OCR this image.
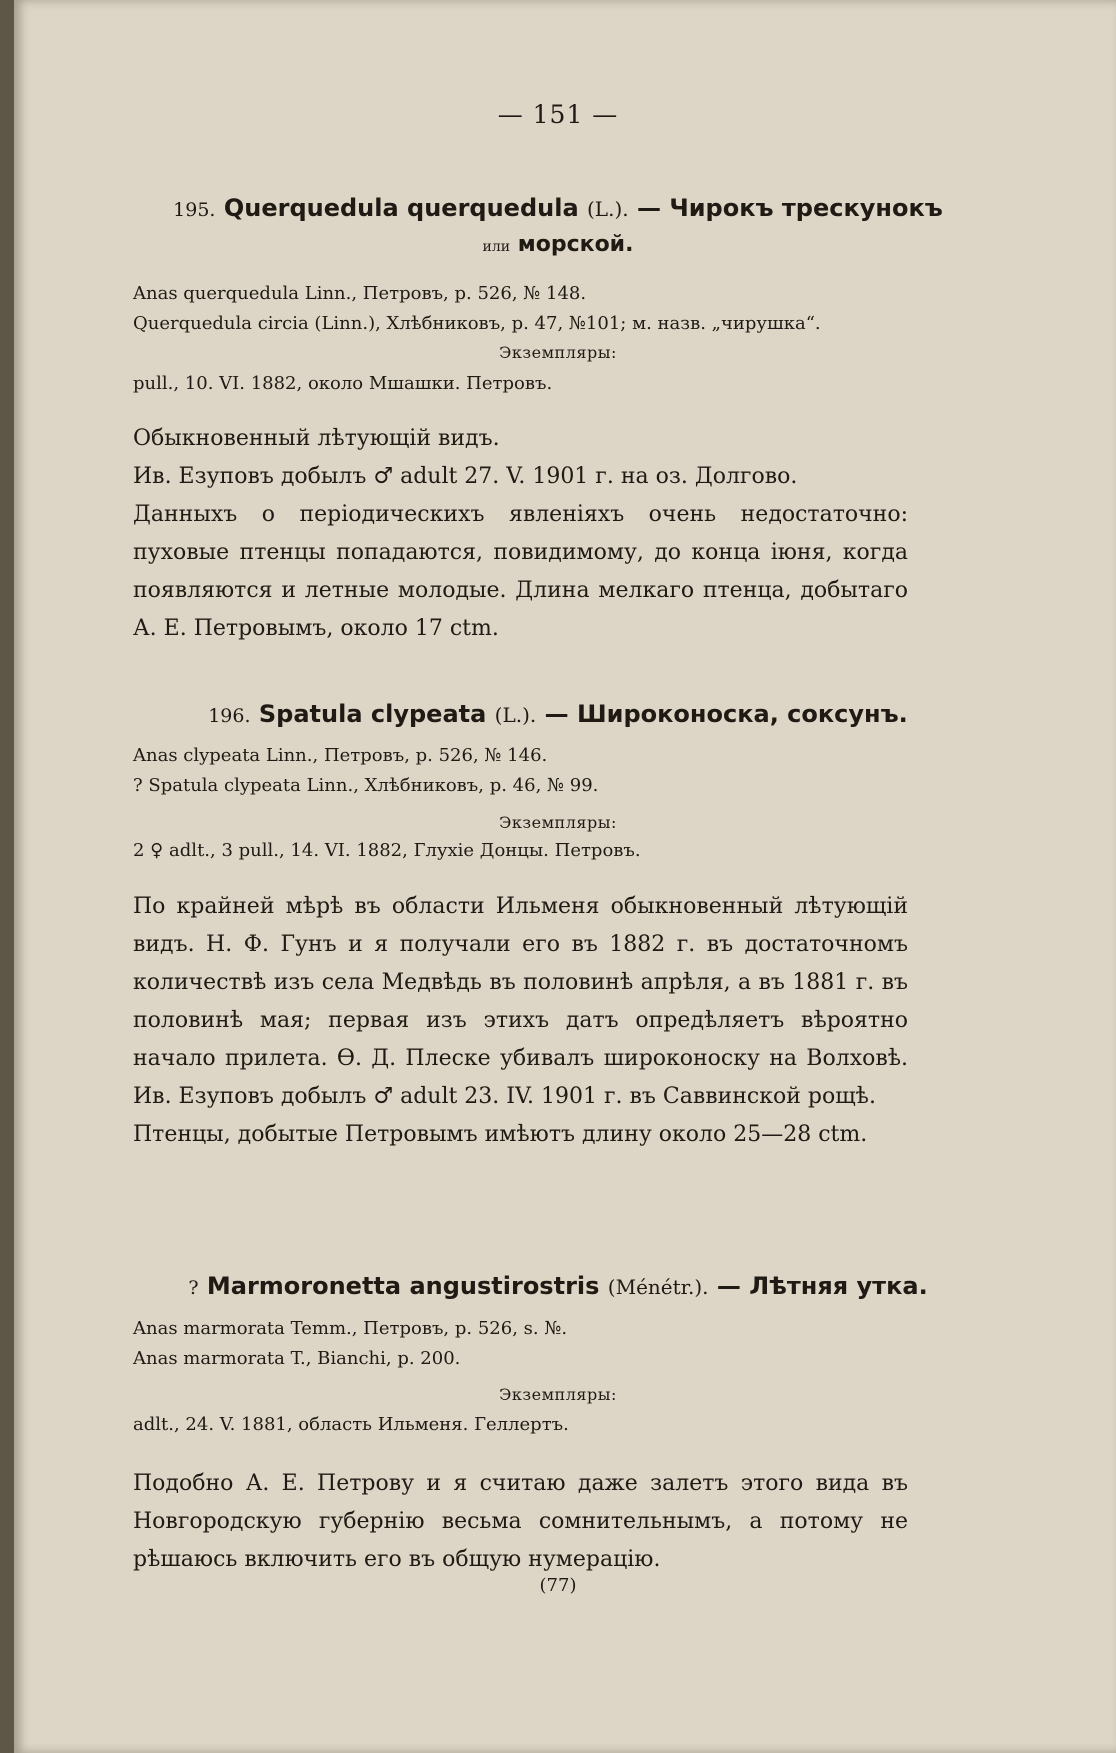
— 151 —
195. Querquedula querquedula (L.). — Чирокъ трескунокъ
или морской.
Anas querquedula Linn., Петровъ, р. 526, № 148.
Querquedula circia (Linn.), Хлѣбниковъ, р. 47, №101; м. назв. „чирушка“.
Экземпляры:
pull., 10. VI. 1882, около Мшашки. Петровъ.

Обыкновенный лѣтующій видъ.

Ив. Езуповъ добылъ ♂ adult 27. V. 1901 г. на оз. Долгово.

Данныхъ о періодическихъ явленіяхъ очень недостаточно: пуховые птенцы попадаются, повидимому, до конца іюня, когда появляются и летные молодые. Длина мелкаго птенца, добытаго А. Е. Петровымъ, около 17 ctm.

196. Spatula clypeata (L.). — Широконоска, соксунъ.
Anas clypeata Linn., Петровъ, р. 526, № 146.
? Spatula clypeata Linn., Хлѣбниковъ, р. 46, № 99.
Экземпляры:
2 ♀ adlt., 3 pull., 14. VI. 1882, Глухіе Донцы. Петровъ.

По крайней мѣрѣ въ области Ильменя обыкновенный лѣтующій видъ. Н. Ф. Гунъ и я получали его въ 1882 г. въ достаточномъ количествѣ изъ села Медвѣдь въ половинѣ апрѣля, а въ 1881 г. въ половинѣ мая; первая изъ этихъ датъ опредѣляетъ вѣроятно начало прилета. Ѳ. Д. Плеске убивалъ широконоску на Волховѣ. Ив. Езуповъ добылъ ♂ adult 23. IV. 1901 г. въ Саввинской рощѣ.

Птенцы, добытые Петровымъ имѣютъ длину около 25—28 ctm.

? Marmoronetta angustirostris (Ménétr.). — Лѣтняя утка.
Anas marmorata Temm., Петровъ, р. 526, s. №.
Anas marmorata T., Bianchi, р. 200.
Экземпляры:
adlt., 24. V. 1881, область Ильменя. Геллертъ.

Подобно А. Е. Петрову и я считаю даже залетъ этого вида въ Новгородскую губернію весьма сомнительнымъ, а потому не рѣшаюсь включить его въ общую нумерацію.

(77)
